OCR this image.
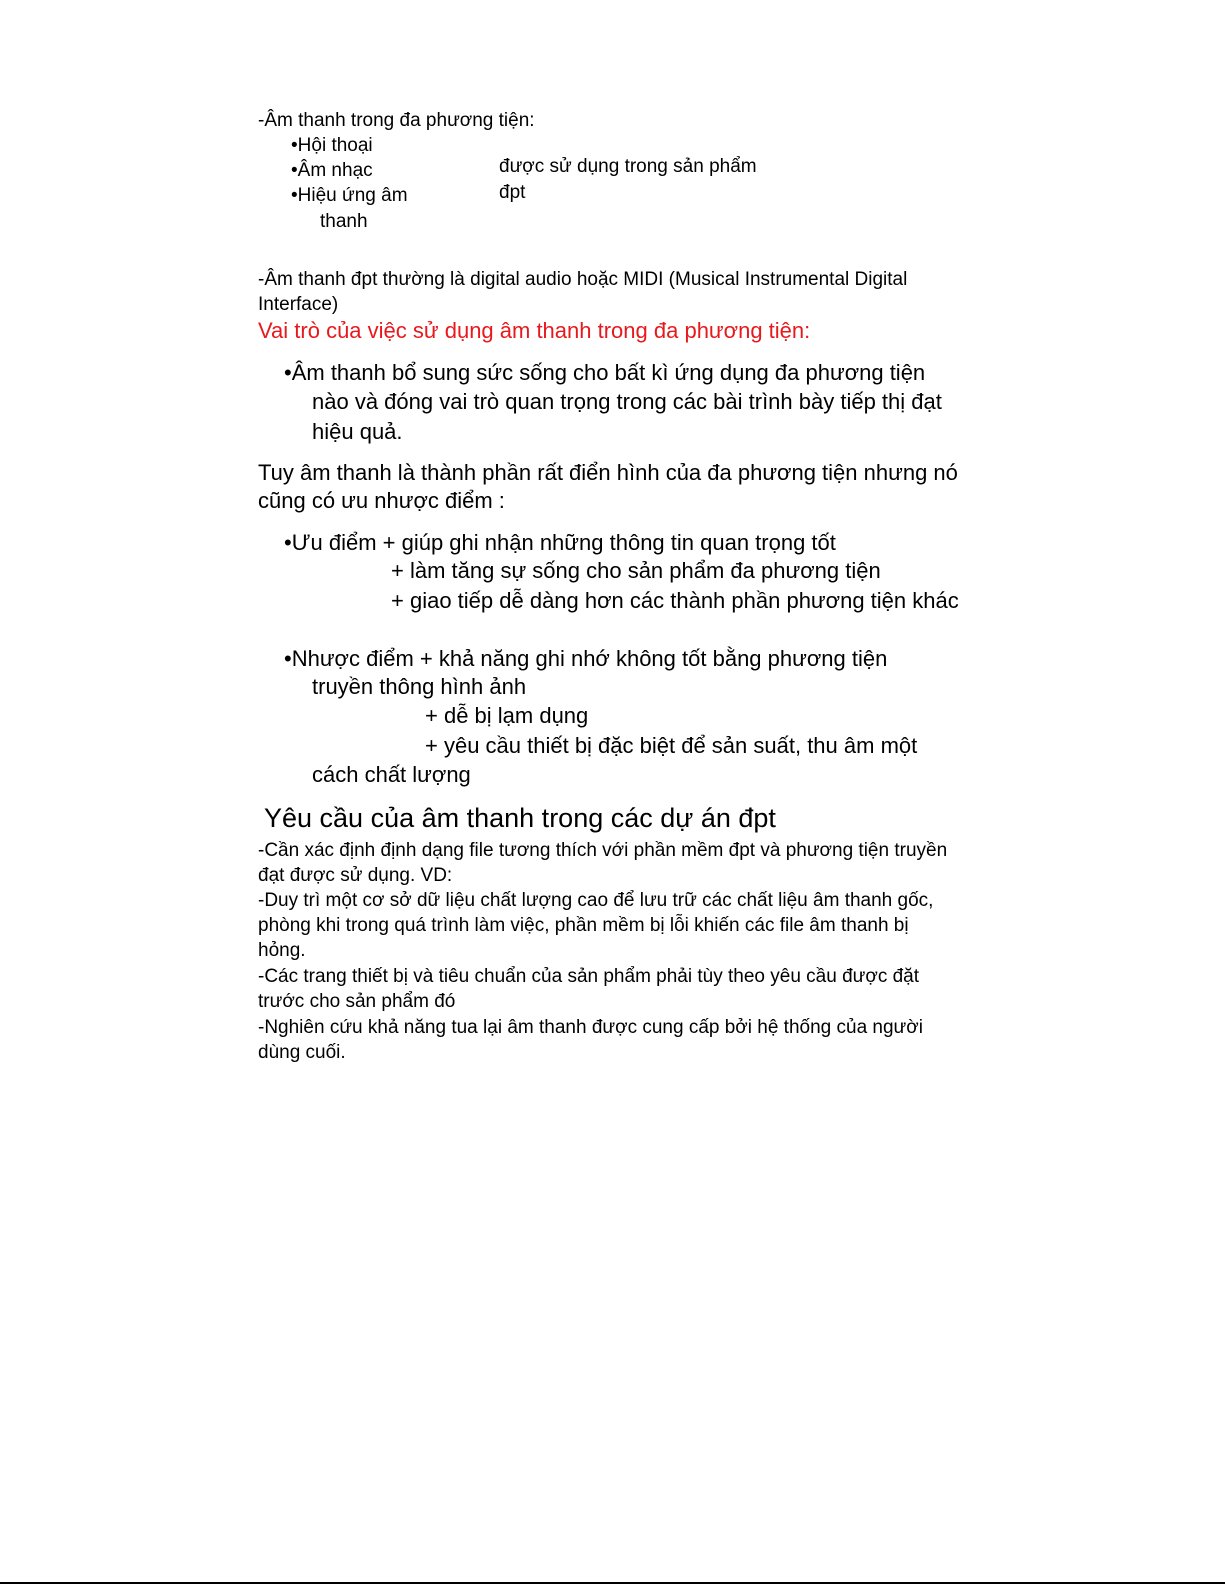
-Âm thanh trong đa phương tiện:

•Hội thoại

•Âm nhạc

•Hiệu ứng âm

thanh

được sử dụng trong sản phẩm

đpt

-Âm thanh đpt thường là digital audio hoặc MIDI (Musical Instrumental Digital

Interface)

Vai trò của việc sử dụng âm thanh trong đa phương tiện:

•Âm thanh bổ sung sức sống cho bất kì ứng dụng đa phương tiện

nào và đóng vai trò quan trọng trong các bài trình bày tiếp thị đạt

hiệu quả.

Tuy âm thanh là thành phần rất điển hình của đa phương tiện nhưng nó

cũng có ưu nhược điểm :

•Ưu điểm + giúp ghi nhận những thông tin quan trọng tốt

+ làm tăng sự sống cho sản phẩm đa phương tiện

+ giao tiếp dễ dàng hơn các thành phần phương tiện khác

•Nhược điểm + khả năng ghi nhớ không tốt bằng phương tiện

truyền thông hình ảnh

+ dễ bị lạm dụng

+ yêu cầu thiết bị đặc biệt để sản suất, thu âm một

cách chất lượng

Yêu cầu của âm thanh trong các dự án đpt

-Cần xác định định dạng file tương thích với phần mềm đpt và phương tiện truyền

đạt được sử dụng. VD:

-Duy trì một cơ sở dữ liệu chất lượng cao để lưu trữ các chất liệu âm thanh gốc,

phòng khi trong quá trình làm việc, phần mềm bị lỗi khiến các file âm thanh bị

hỏng.

-Các trang thiết bị và tiêu chuẩn của sản phẩm phải tùy theo yêu cầu được đặt

trước cho sản phẩm đó

-Nghiên cứu khả năng tua lại âm thanh được cung cấp bởi hệ thống của người

dùng cuối.
